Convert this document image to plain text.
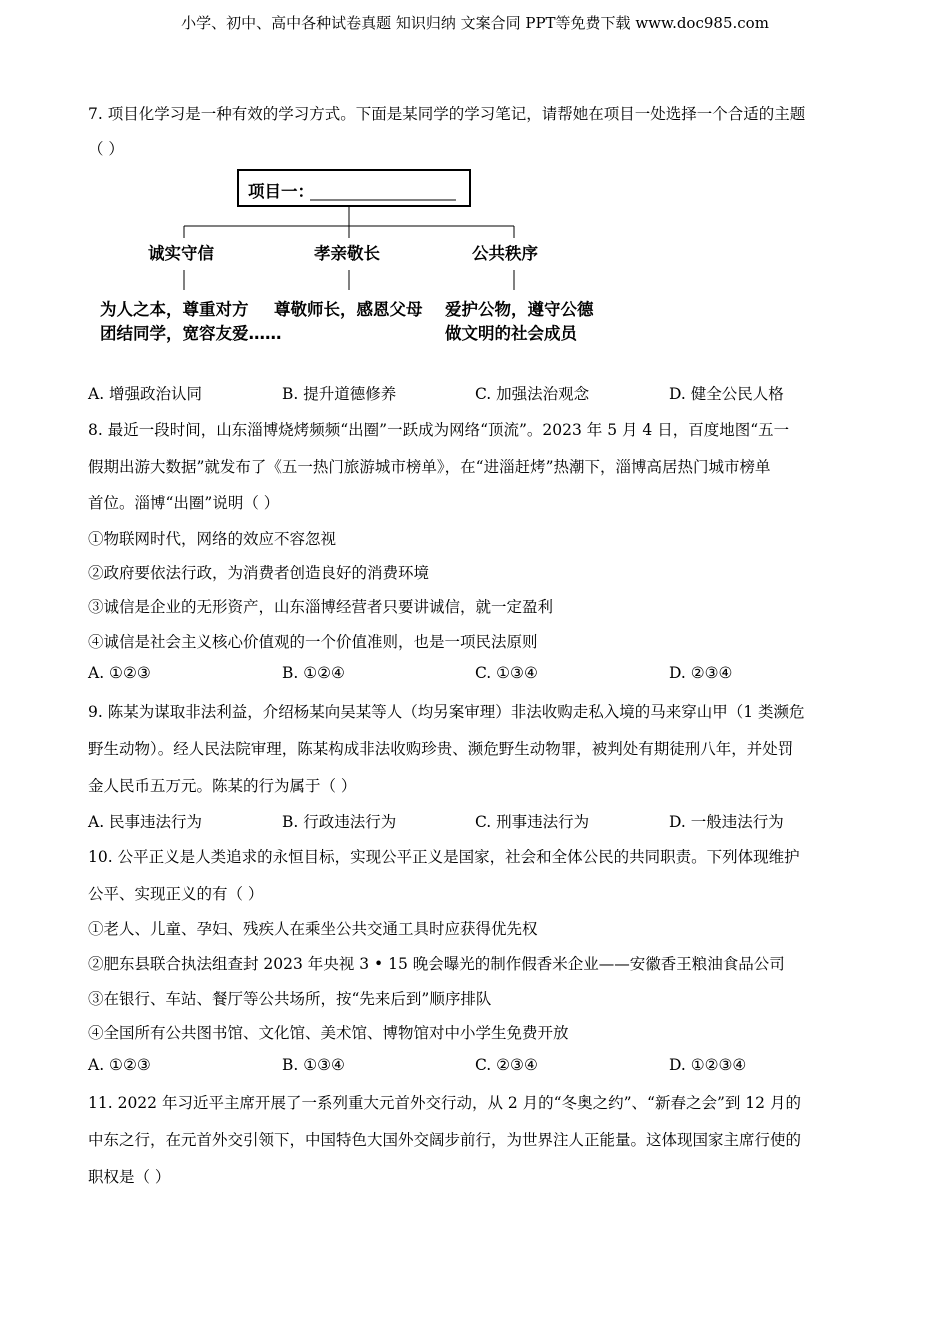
小学、初中、高中各种试卷真题 知识归纳 文案合同 PPT等免费下载 www.doc985.com
7. 项目化学习是一种有效的学习方式。下面是某同学的学习笔记，请帮她在项目一处选择一个合适的主题
（ ）
项目一：
诚实守信	孝亲敬长	公共秩序
为人之本，尊重对方 尊敬师长，感恩父母 爱护公物，遵守公德
团结同学，宽容友爱……	做文明的社会成员
A. 增强政治认同	B. 提升道德修养	C. 加强法治观念	D. 健全公民人格
8. 最近一段时间，山东淄博烧烤频频“出圈”一跃成为网络“顶流”。2023 年 5 月 4 日，百度地图“五一
假期出游大数据”就发布了《五一热门旅游城市榜单》，在“进淄赶烤”热潮下，淄博高居热门城市榜单
首位。淄博“出圈”说明（ ）
①物联网时代，网络的效应不容忽视
②政府要依法行政，为消费者创造良好的消费环境
③诚信是企业的无形资产，山东淄博经营者只要讲诚信，就一定盈利
④诚信是社会主义核心价值观的一个价值准则，也是一项民法原则
A. ①②③	B. ①②④	C. ①③④	D. ②③④
9. 陈某为谋取非法利益，介绍杨某向吴某等人（均另案审理）非法收购走私入境的马来穿山甲（1 类濒危
野生动物）。经人民法院审理，陈某构成非法收购珍贵、濒危野生动物罪，被判处有期徒刑八年，并处罚
金人民币五万元。陈某的行为属于（ ）
A. 民事违法行为	B. 行政违法行为	C. 刑事违法行为	D. 一般违法行为
10. 公平正义是人类追求的永恒目标，实现公平正义是国家，社会和全体公民的共同职责。下列体现维护
公平、实现正义的有（ ）
①老人、儿童、孕妇、残疾人在乘坐公共交通工具时应获得优先权
②肥东县联合执法组查封 2023 年央视 3 • 15 晚会曝光的制作假香米企业——安徽香王粮油食品公司
③在银行、车站、餐厅等公共场所，按“先来后到”顺序排队
④全国所有公共图书馆、文化馆、美术馆、博物馆对中小学生免费开放
A. ①②③	B. ①③④	C. ②③④	D. ①②③④
11. 2022 年习近平主席开展了一系列重大元首外交行动，从 2 月的“冬奥之约”、“新春之会”到 12 月的
中东之行，在元首外交引领下，中国特色大国外交阔步前行，为世界注人正能量。这体现国家主席行使的
职权是（ ）
